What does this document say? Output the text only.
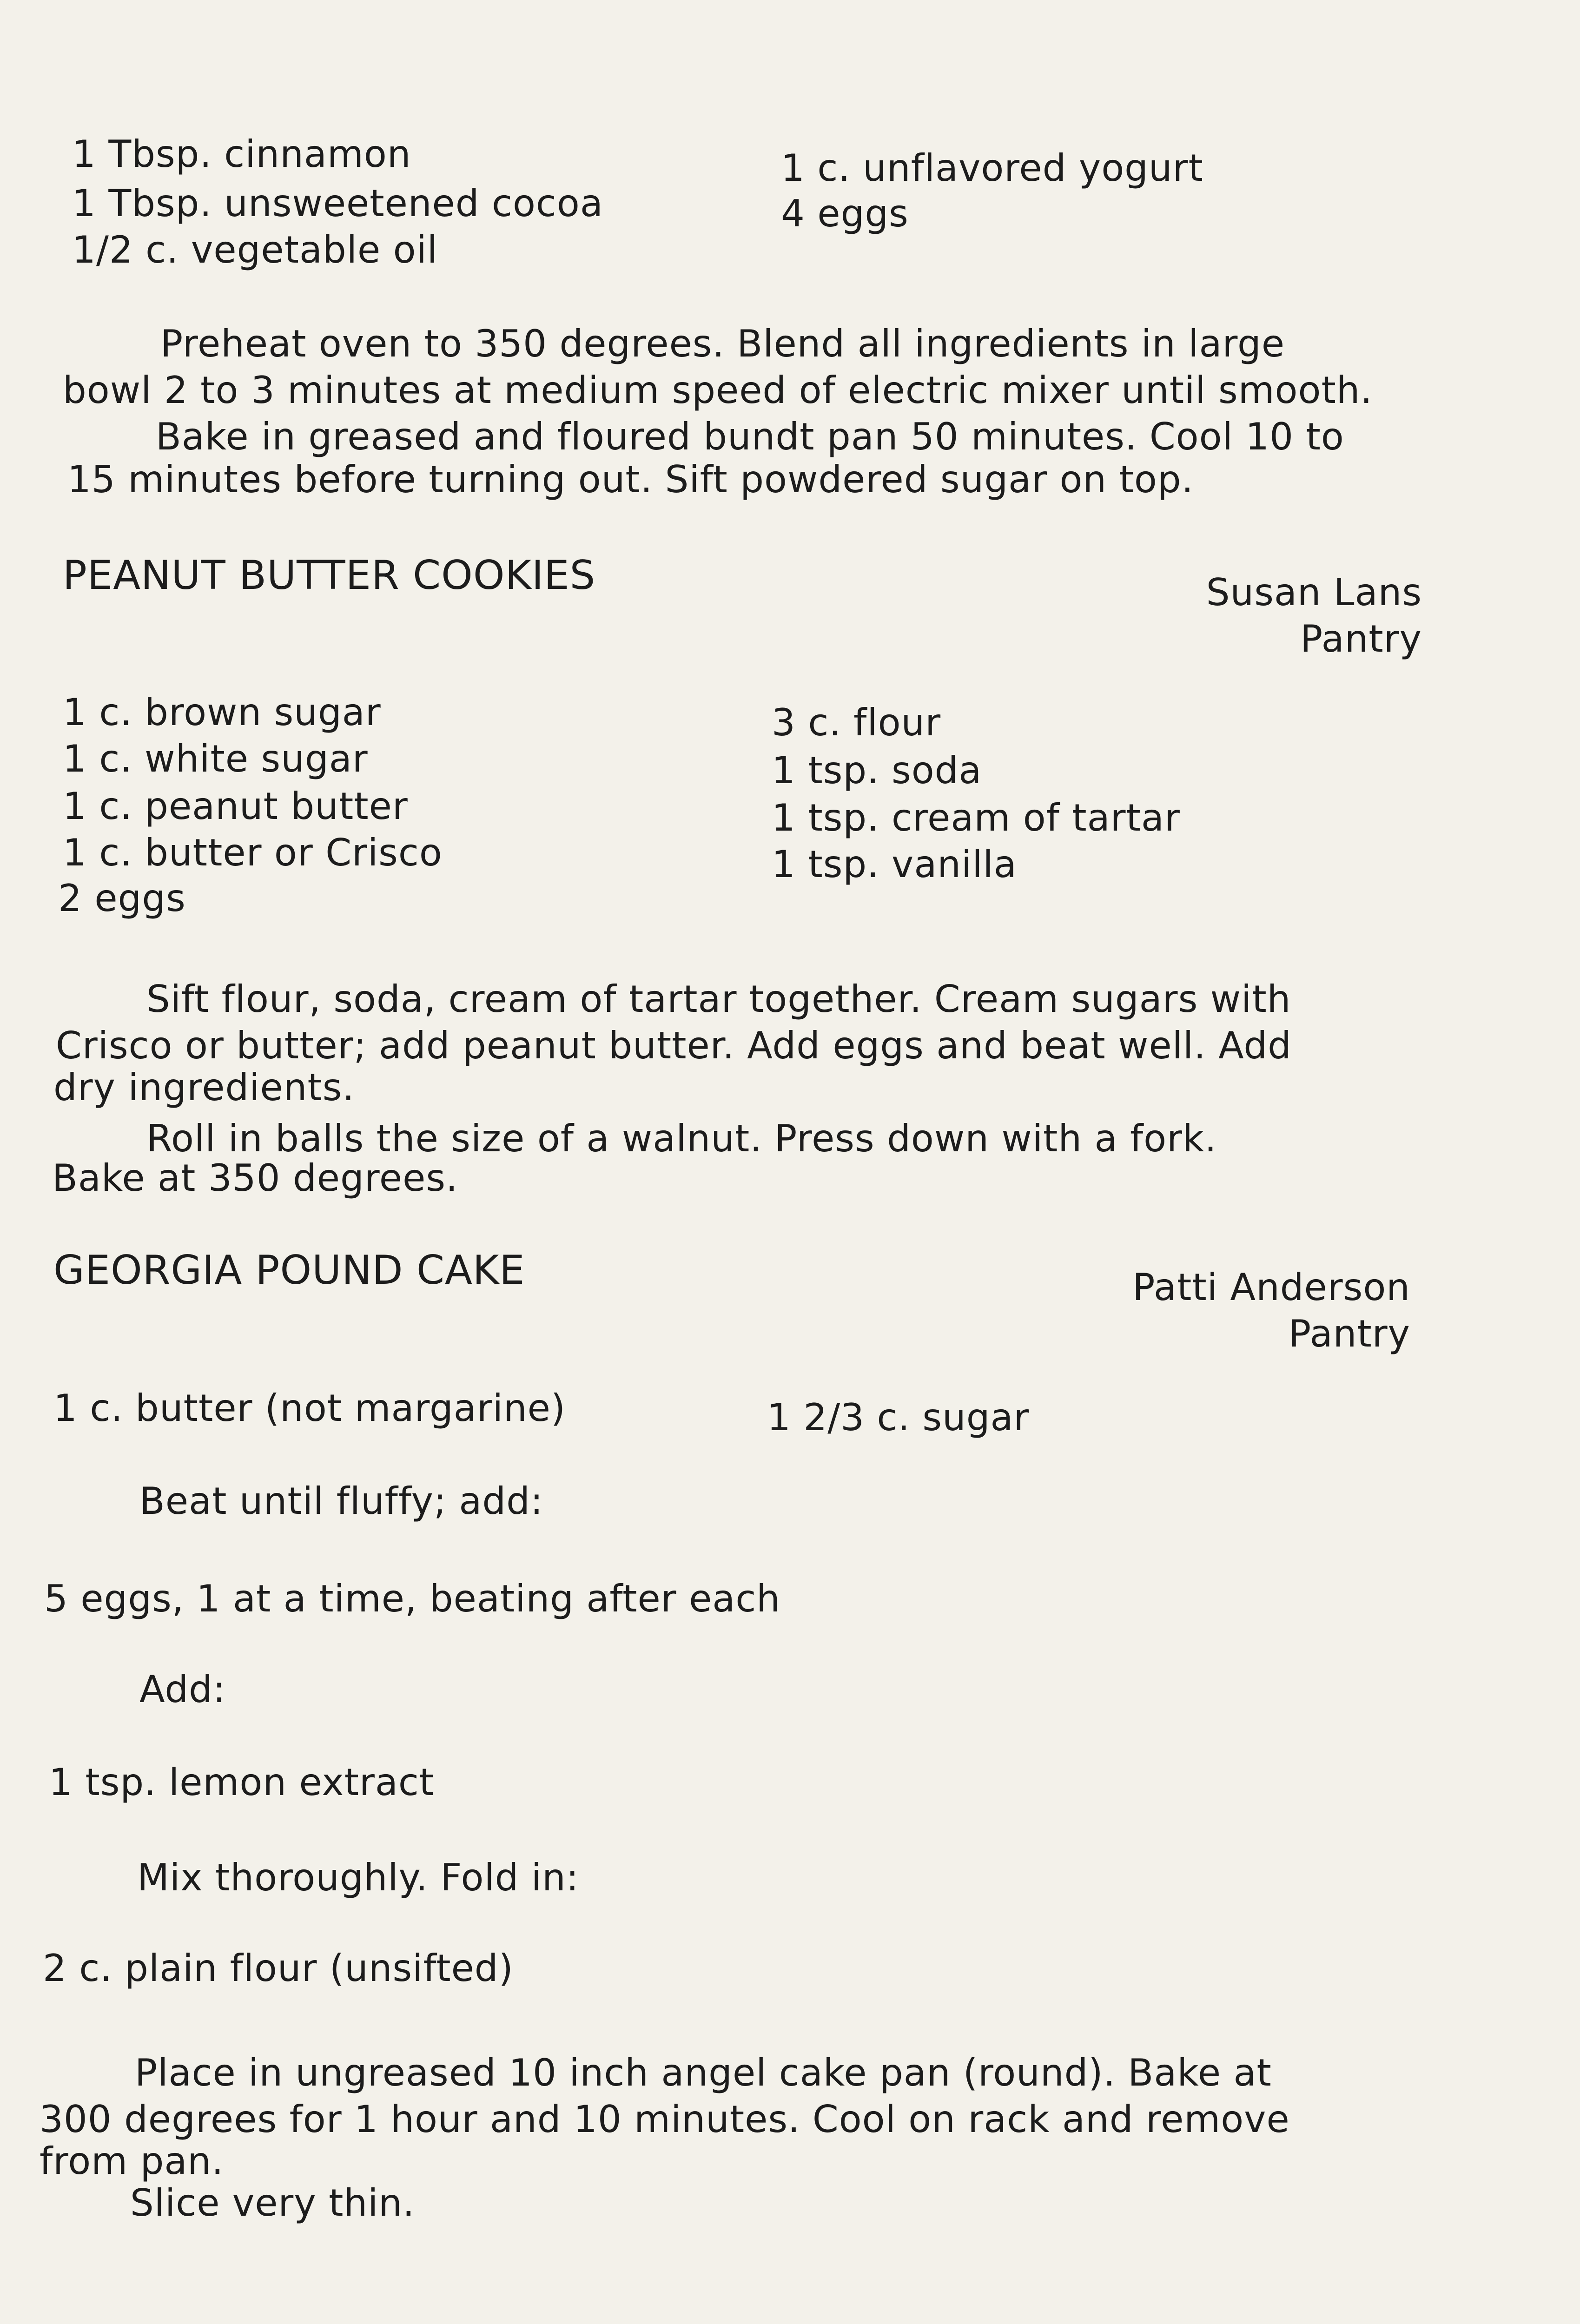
1 Tbsp. cinnamon
1 Tbsp. unsweetened cocoa
1/2 c. vegetable oil
1 c. unflavored yogurt
4 eggs
Preheat oven to 350 degrees. Blend all ingredients in large
bowl 2 to 3 minutes at medium speed of electric mixer until smooth.
Bake in greased and floured bundt pan 50 minutes. Cool 10 to
15 minutes before turning out. Sift powdered sugar on top.
PEANUT BUTTER COOKIES	Susan Lans
Pantry
1 c. brown sugar
1 c. white sugar
1 c. peanut butter
1 c. butter or Crisco
2 eggs
3 c. flour
1 tsp. soda
1 tsp. cream of tartar
1 tsp. vanilla
Sift flour, soda, cream of tartar together. Cream sugars with
Crisco or butter; add peanut butter. Add eggs and beat well. Add
dry ingredients.
Roll in balls the size of a walnut. Press down with a fork.
Bake at 350 degrees.
GEORGIA POUND CAKE	Patti Anderson
Pantry
1 c. butter (not margarine)	1 2/3 c. sugar
Beat until fluffy; add:
5 eggs, 1 at a time, beating after each
Add:
1 tsp. lemon extract
Mix thoroughly. Fold in:
2 c. plain flour (unsifted)
Place in ungreased 10 inch angel cake pan (round). Bake at
300 degrees for 1 hour and 10 minutes. Cool on rack and remove
from pan.
Slice very thin.
